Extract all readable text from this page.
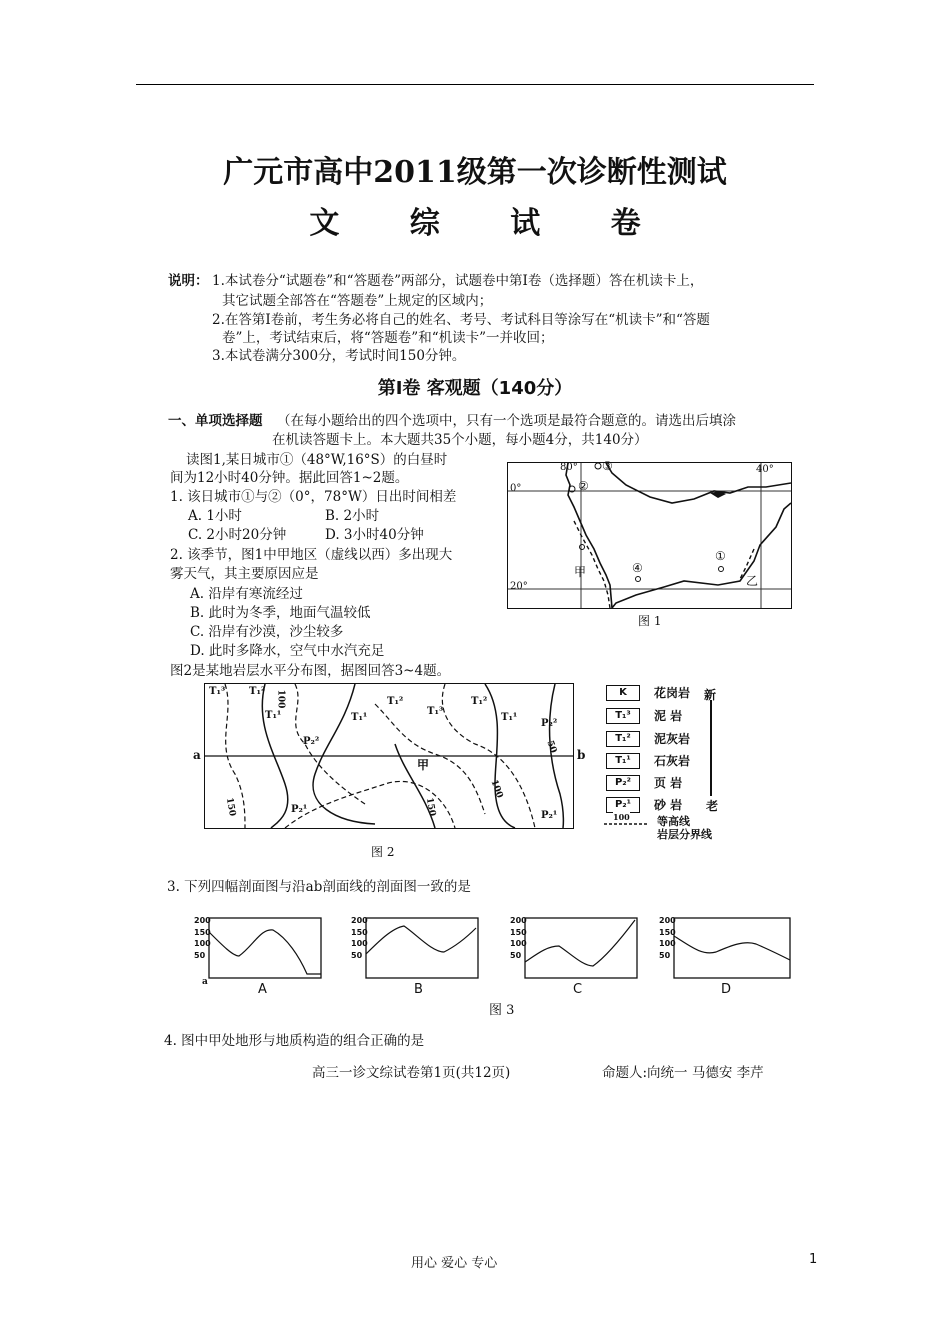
广元市高中2011级第一次诊断性测试
文 综 试 卷
说明： 1.本试卷分“试题卷”和“答题卷”两部分，试题卷中第Ⅰ卷（选择题）答在机读卡上，
其它试题全部答在“答题卷”上规定的区域内；
2.在答第Ⅰ卷前，考生务必将自己的姓名、考号、考试科目等涂写在“机读卡”和“答题
卷”上，考试结束后，将“答题卷”和“机读卡”一并收回；
3.本试卷满分300分，考试时间150分钟。
第Ⅰ卷 客观题（140分）
一、单项选择题 （在每小题给出的四个选项中，只有一个选项是最符合题意的。请选出后填涂
在机读答题卡上。本大题共35个小题，每小题4分，共140分）
读图1,某日城市①（48°W,16°S）的白昼时
间为12小时40分钟。据此回答1~2题。
1. 该日城市①与②（0°，78°W）日出时间相差
A. 1小时	B. 2小时
C. 2小时20分钟	D. 3小时40分钟
2. 该季节，图1中甲地区（虚线以西）多出现大
雾天气，其主要原因应是
A. 沿岸有寒流经过
B. 此时为冬季，地面气温较低
C. 沿岸有沙漠，沙尘较多
D. 此时多降水，空气中水汽充足
80°	40°
0°
20°
③
②
①
④
甲
乙
图 1
图2是某地岩层水平分布图，据图回答3~4题。
T₁³ T₁²
T₁²	T₁²
T₁³
T₁¹	T₁¹	T₁¹
P₂²
P₂²
P₂¹
P₂¹
甲
100
150	150
100
50
a	b
图 2
K	花岗岩
T₁³	泥 岩
T₁²	泥灰岩
T₁¹	石灰岩
P₂²	页 岩
P₂¹	砂 岩
新
老
100 等高线
岩层分界线
3. 下列四幅剖面图与沿ab剖面线的剖面图一致的是
200
150
100
50
200
150
100
50
200
150
100
50
200
150
100
50
a	A	B	C	D
图 3
4. 图中甲处地形与地质构造的组合正确的是
高三一诊文综试卷第1页(共12页)	命题人:向统一 马德安 李芹
用心 爱心 专心	1
